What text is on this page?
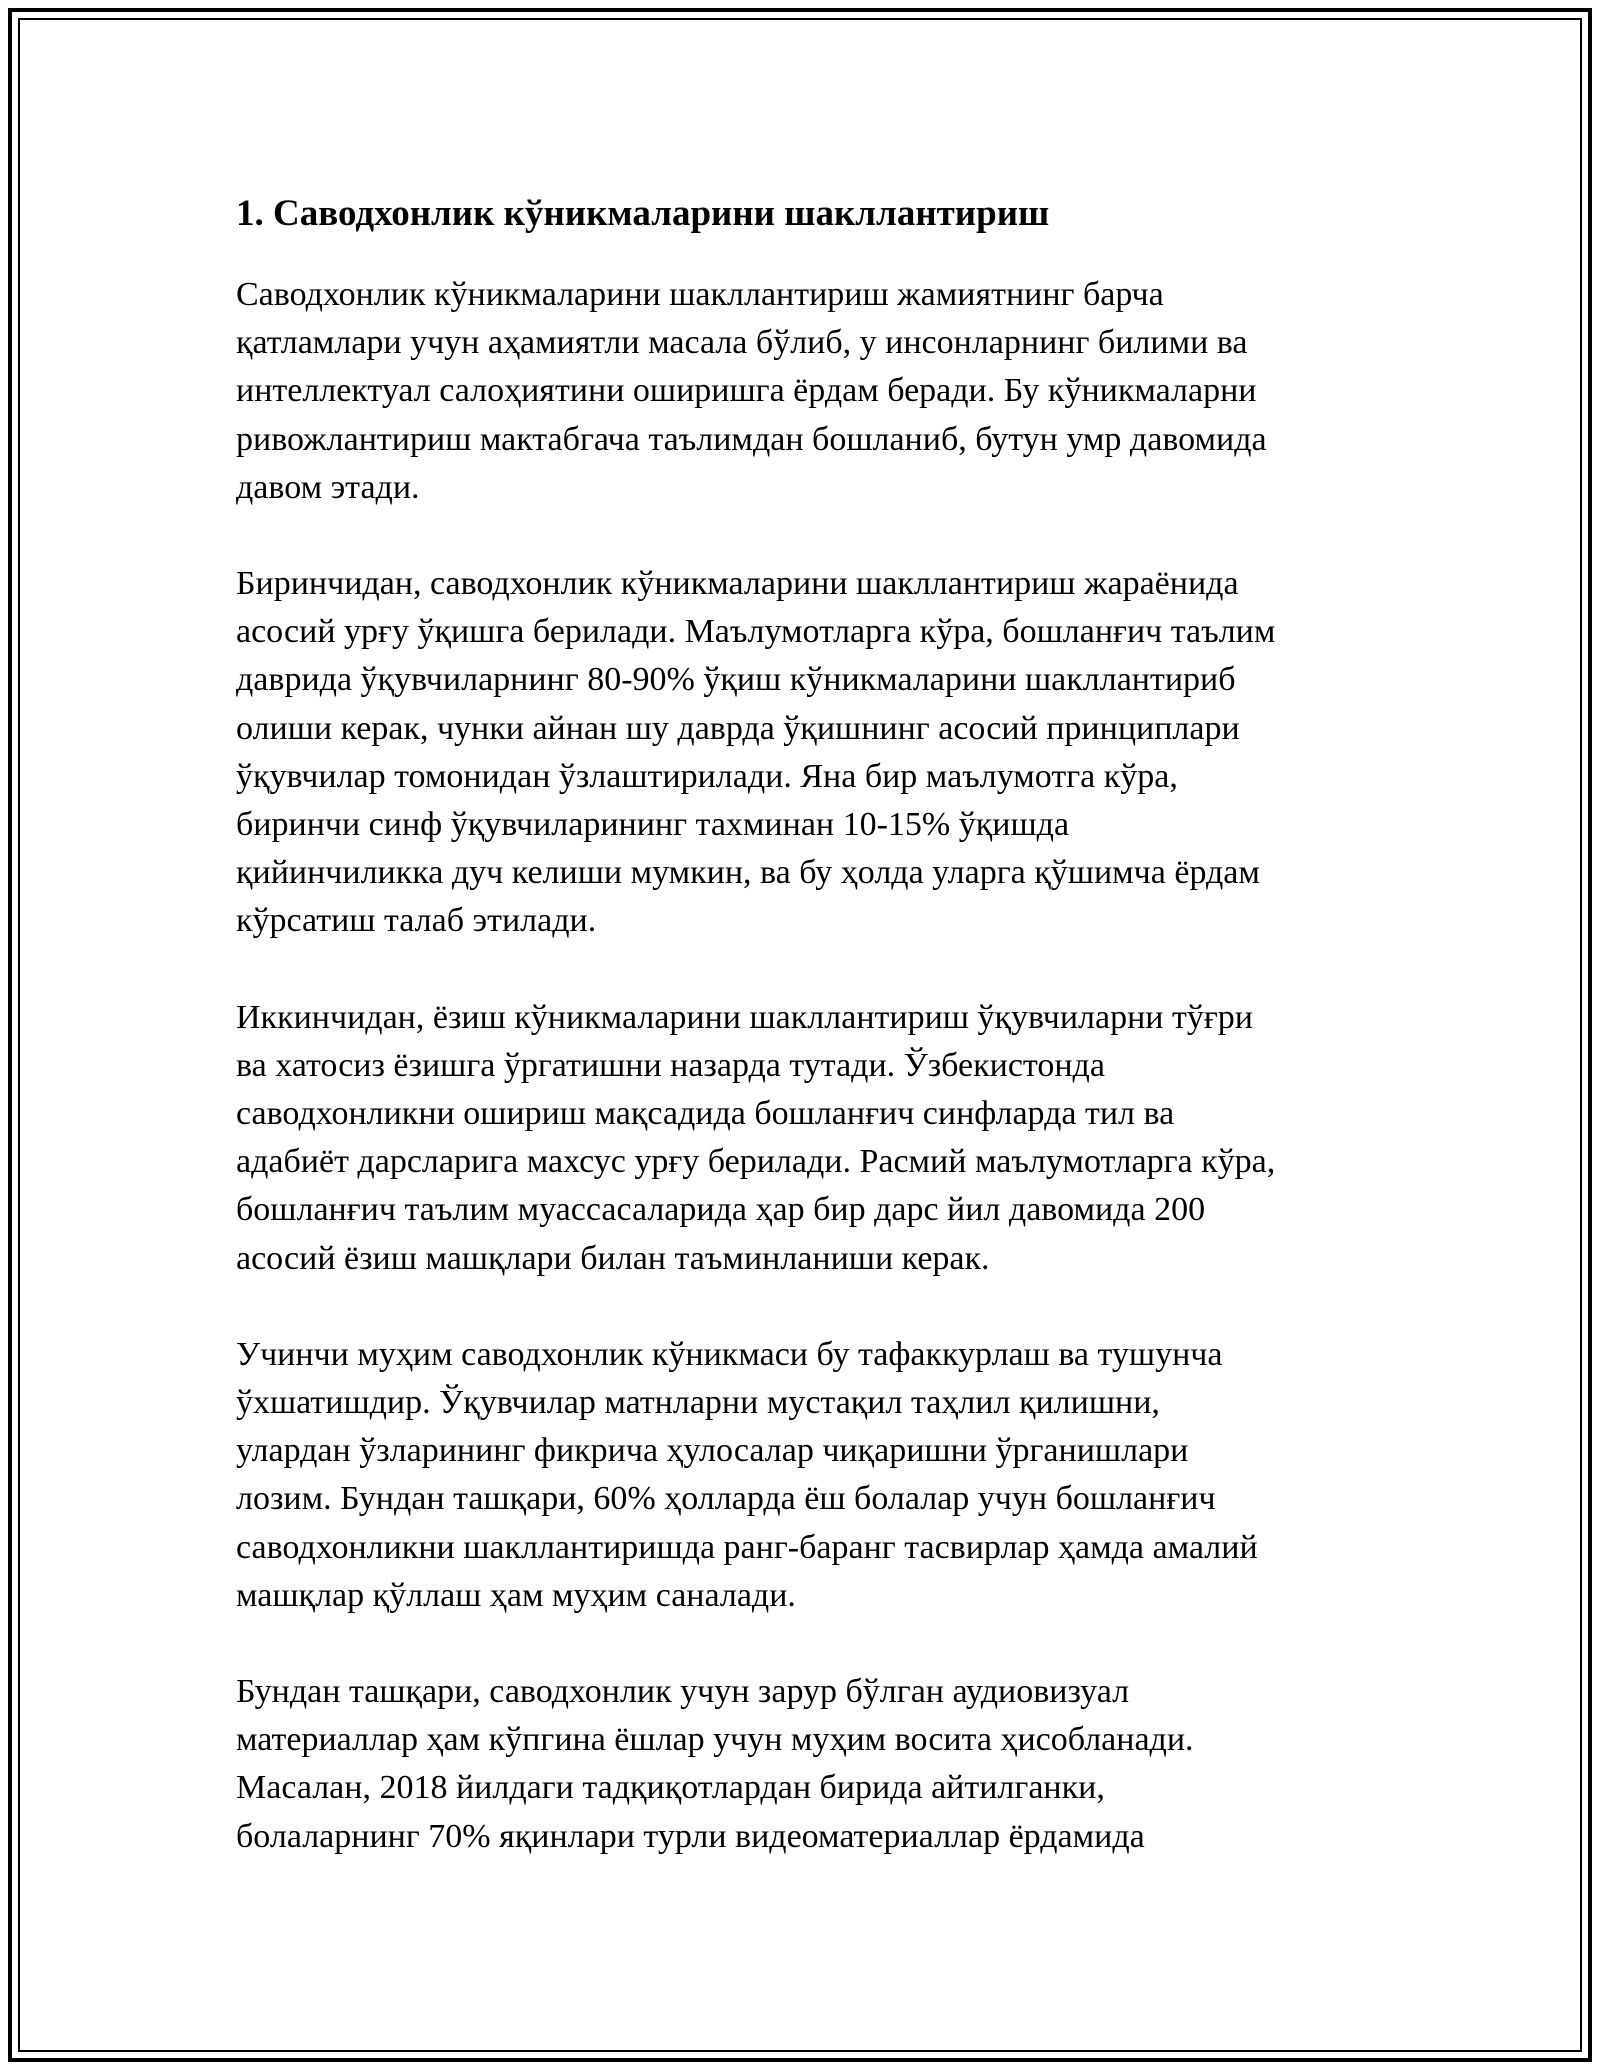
1. Саводхонлик кўникмаларини шакллантириш

Саводхонлик кўникмаларини шакллантириш жамиятнинг барча
қатламлари учун аҳамиятли масала бўлиб, у инсонларнинг билими ва
интеллектуал салоҳиятини оширишга ёрдам беради. Бу кўникмаларни
ривожлантириш мактабгача таълимдан бошланиб, бутун умр давомида
давом этади.

Биринчидан, саводхонлик кўникмаларини шакллантириш жараёнида
асосий урғу ўқишга берилади. Маълумотларга кўра, бошланғич таълим
даврида ўқувчиларнинг 80-90% ўқиш кўникмаларини шакллантириб
олиши керак, чунки айнан шу даврда ўқишнинг асосий принциплари
ўқувчилар томонидан ўзлаштирилади. Яна бир маълумотга кўра,
биринчи синф ўқувчиларининг тахминан 10-15% ўқишда
қийинчиликка дуч келиши мумкин, ва бу ҳолда уларга қўшимча ёрдам
кўрсатиш талаб этилади.

Иккинчидан, ёзиш кўникмаларини шакллантириш ўқувчиларни тўғри
ва хатосиз ёзишга ўргатишни назарда тутади. Ўзбекистонда
саводхонликни ошириш мақсадида бошланғич синфларда тил ва
адабиёт дарсларига махсус урғу берилади. Расмий маълумотларга кўра,
бошланғич таълим муассасаларида ҳар бир дарс йил давомида 200
асосий ёзиш машқлари билан таъминланиши керак.

Учинчи муҳим саводхонлик кўникмаси бу тафаккурлаш ва тушунча
ўхшатишдир. Ўқувчилар матнларни мустақил таҳлил қилишни,
улардан ўзларининг фикрича ҳулосалар чиқаришни ўрганишлари
лозим. Бундан ташқари, 60% ҳолларда ёш болалар учун бошланғич
саводхонликни шакллантиришда ранг-баранг тасвирлар ҳамда амалий
машқлар қўллаш ҳам муҳим саналади.

Бундан ташқари, саводхонлик учун зарур бўлган аудиовизуал
материаллар ҳам кўпгина ёшлар учун муҳим восита ҳисобланади.
Масалан, 2018 йилдаги тадқиқотлардан бирида айтилганки,
болаларнинг 70% яқинлари турли видеоматериаллар ёрдамида
